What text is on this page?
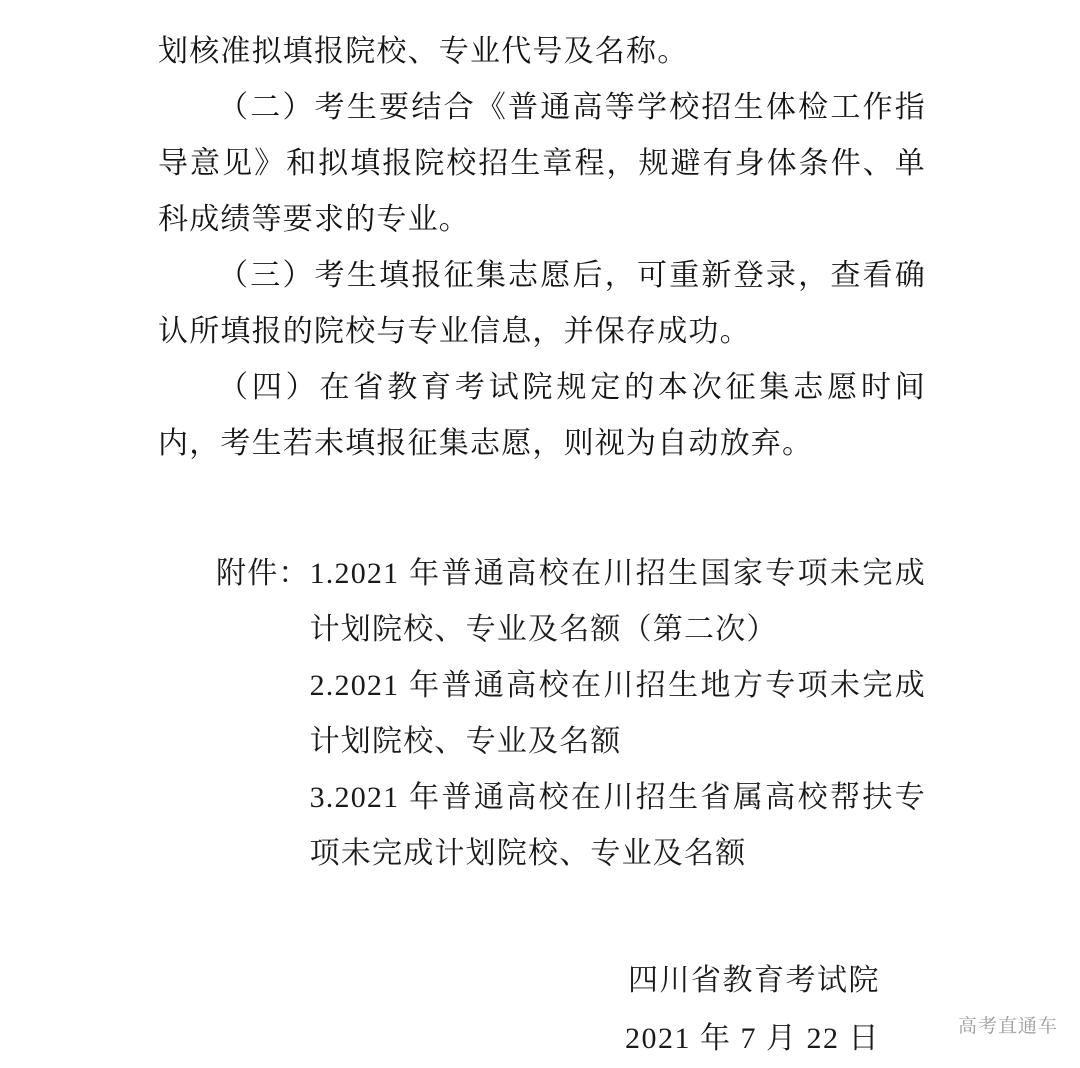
划核准拟填报院校、专业代号及名称。

（二）考生要结合《普通高等学校招生体检工作指导意见》和拟填报院校招生章程，规避有身体条件、单科成绩等要求的专业。

（三）考生填报征集志愿后，可重新登录，查看确认所填报的院校与专业信息，并保存成功。

（四）在省教育考试院规定的本次征集志愿时间内，考生若未填报征集志愿，则视为自动放弃。

附件： 1.2021 年普通高校在川招生国家专项未完成计划院校、专业及名额（第二次）
2.2021 年普通高校在川招生地方专项未完成计划院校、专业及名额
3.2021 年普通高校在川招生省属高校帮扶专项未完成计划院校、专业及名额
四川省教育考试院
2021 年 7 月 22 日	高考直通车
